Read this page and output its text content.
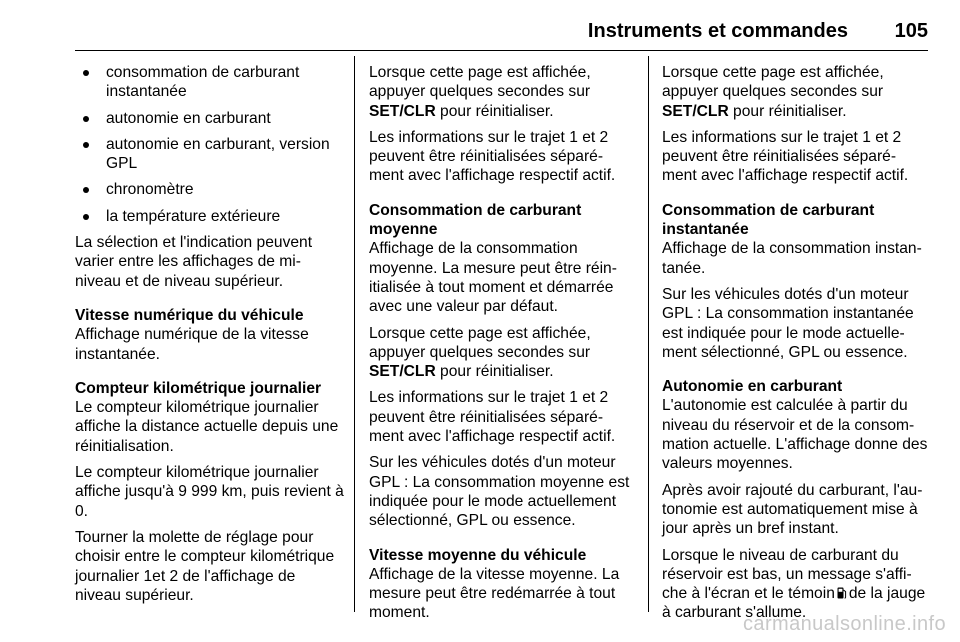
Instruments et commandes 105
consommation de carburant instantanée
autonomie en carburant
autonomie en carburant, version GPL
chronomètre
la température extérieure

La sélection et l'indication peuvent varier entre les affichages de mi-niveau et de niveau supérieur.

Vitesse numérique du véhicule

Affichage numérique de la vitesse instantanée.

Compteur kilométrique journalier

Le compteur kilométrique journalier affiche la distance actuelle depuis une réinitialisation.

Le compteur kilométrique journalier affiche jusqu'à 9 999 km, puis revient à 0.

Tourner la molette de réglage pour choisir entre le compteur kilométrique journalier 1et 2 de l'affichage de niveau supérieur.

Lorsque cette page est affichée, appuyer quelques secondes sur
SET/CLR pour réinitialiser.

Les informations sur le trajet 1 et 2 peuvent être réinitialisées séparé-ment avec l'affichage respectif actif.

Consommation de carburant moyenne

Affichage de la consommation moyenne. La mesure peut être réin-itialisée à tout moment et démarrée avec une valeur par défaut.

Lorsque cette page est affichée, appuyer quelques secondes sur
SET/CLR pour réinitialiser.

Les informations sur le trajet 1 et 2 peuvent être réinitialisées séparé-ment avec l'affichage respectif actif.

Sur les véhicules dotés d'un moteur GPL : La consommation moyenne est indiquée pour le mode actuellement sélectionné, GPL ou essence.

Vitesse moyenne du véhicule

Affichage de la vitesse moyenne. La mesure peut être redémarrée à tout moment.

Lorsque cette page est affichée, appuyer quelques secondes sur
SET/CLR pour réinitialiser.

Les informations sur le trajet 1 et 2 peuvent être réinitialisées séparé-ment avec l'affichage respectif actif.

Consommation de carburant instantanée

Affichage de la consommation instan-tanée.

Sur les véhicules dotés d'un moteur GPL : La consommation instantanée est indiquée pour le mode actuelle-ment sélectionné, GPL ou essence.

Autonomie en carburant

L'autonomie est calculée à partir du niveau du réservoir et de la consom-mation actuelle. L'affichage donne des valeurs moyennes.

Après avoir rajouté du carburant, l'au-tonomie est automatiquement mise à jour après un bref instant.

Lorsque le niveau de carburant du réservoir est bas, un message s'affi-che à l'écran et le témoin de la jauge à carburant s'allume.

carmanualsonline.info
